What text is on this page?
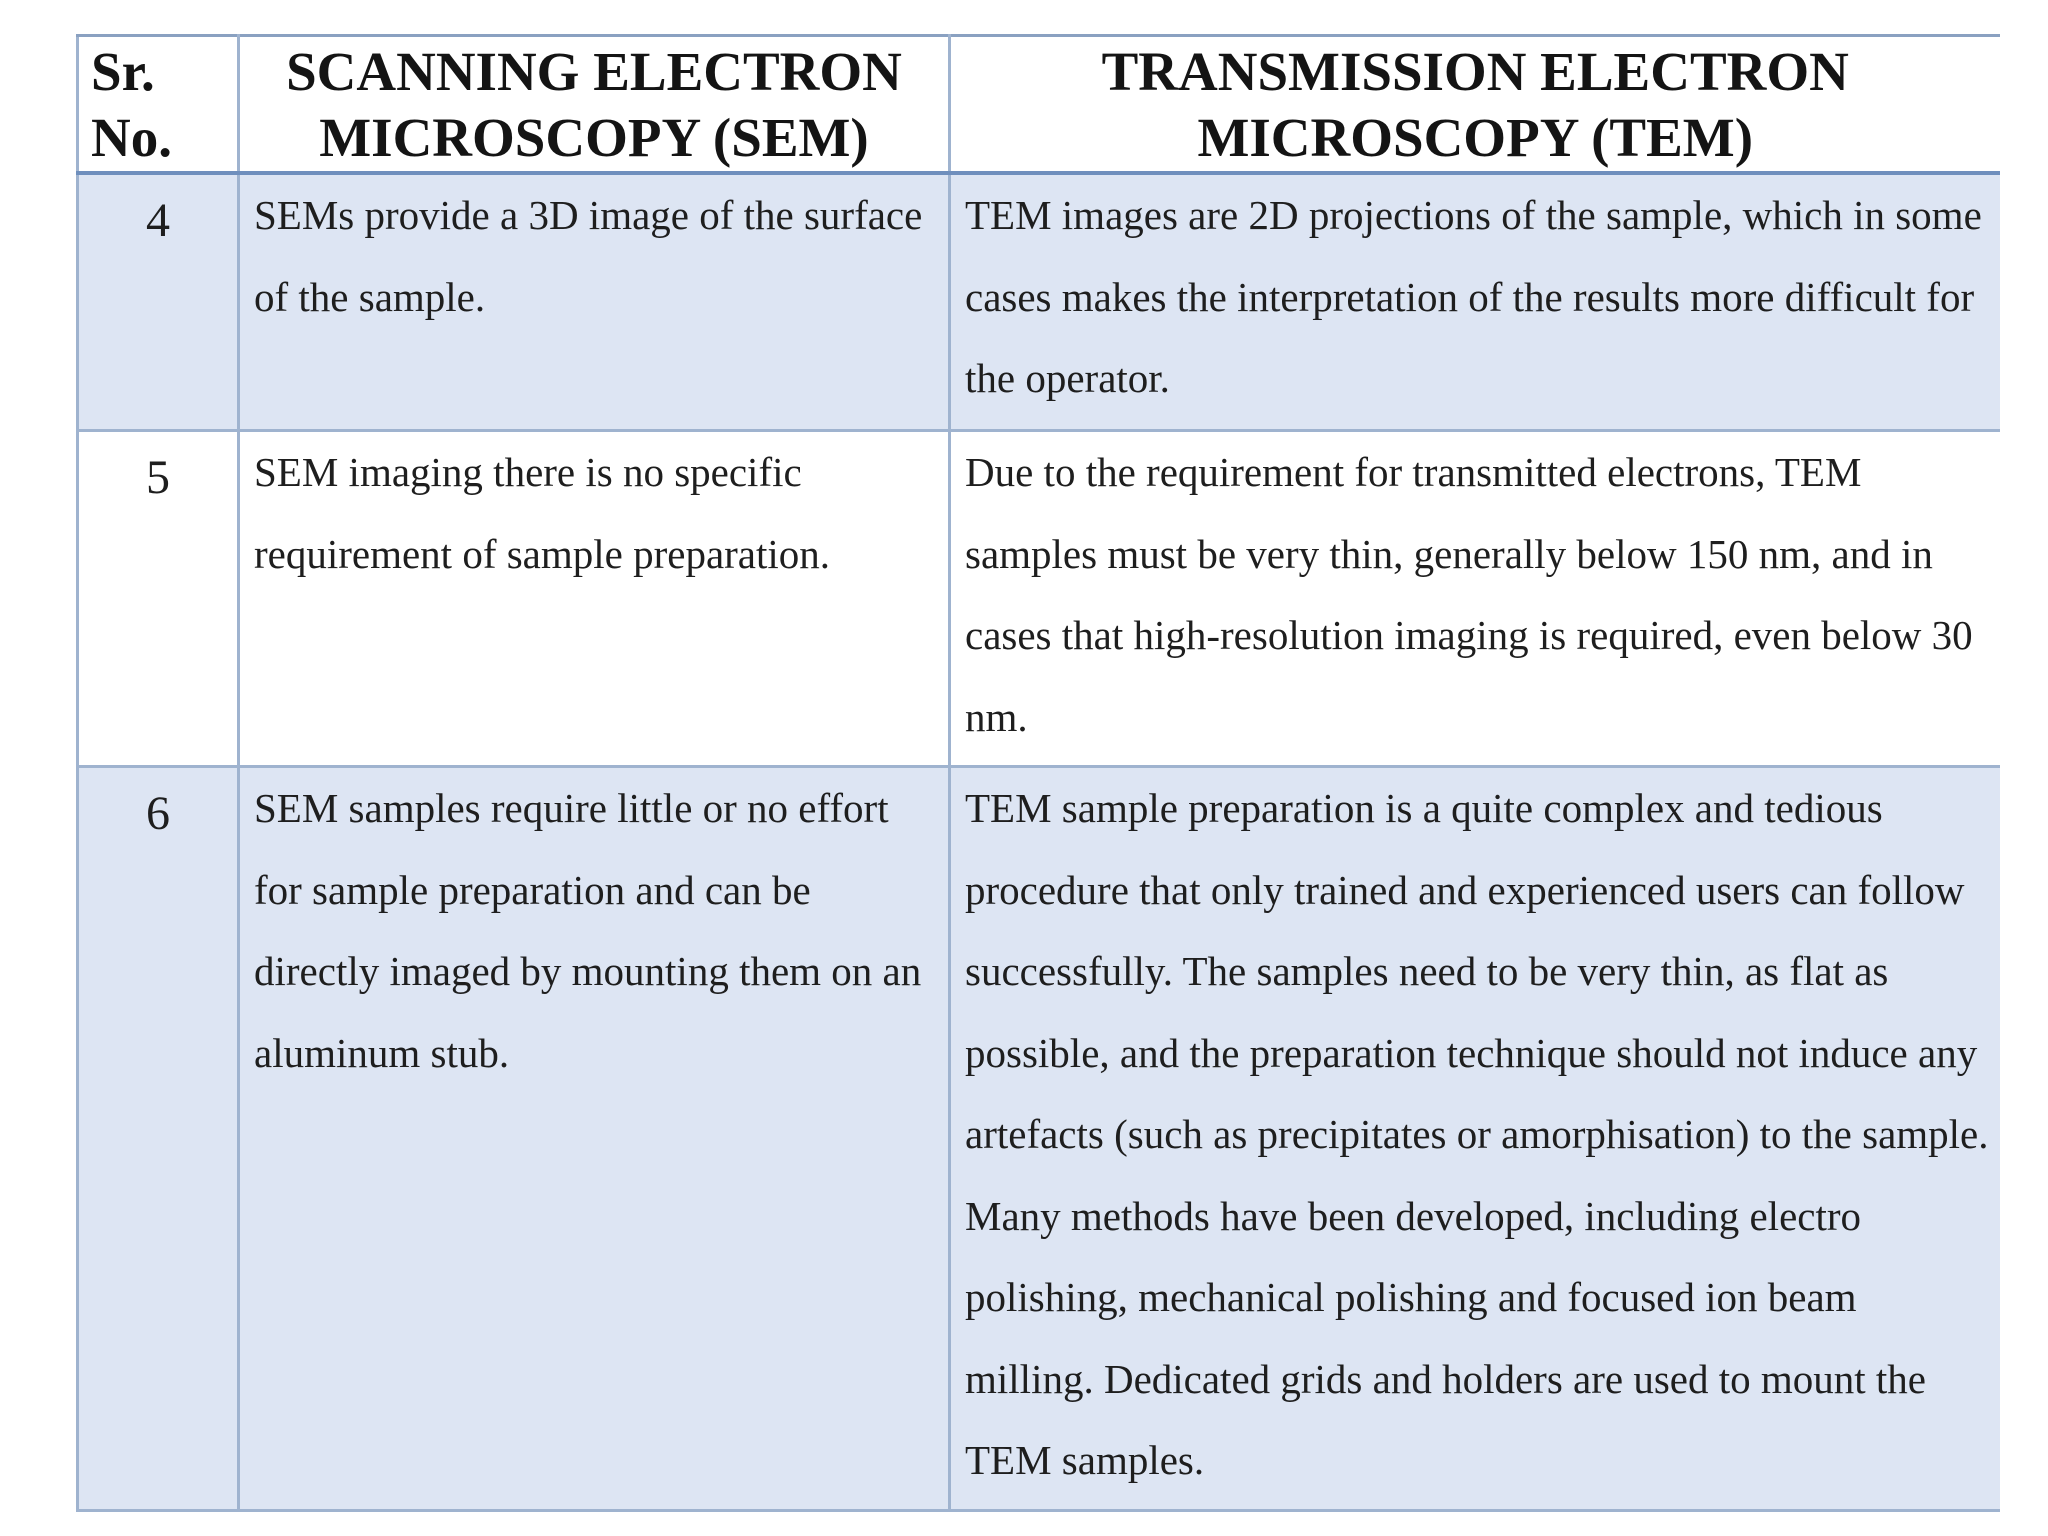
Sr. No.	SCANNING ELECTRON MICROSCOPY (SEM)	TRANSMISSION ELECTRON MICROSCOPY (TEM)
4	SEMs provide a 3D image of the surface of the sample.	TEM images are 2D projections of the sample, which in some cases makes the interpretation of the results more difficult for the operator.
5	SEM imaging there is no specific requirement of sample preparation.	Due to the requirement for transmitted electrons, TEM samples must be very thin, generally below 150 nm, and in cases that high-resolution imaging is required, even below 30 nm.
6	SEM samples require little or no effort for sample preparation and can be directly imaged by mounting them on an aluminum stub.	TEM sample preparation is a quite complex and tedious procedure that only trained and experienced users can follow successfully. The samples need to be very thin, as flat as possible, and the preparation technique should not induce any artefacts (such as precipitates or amorphisation) to the sample. Many methods have been developed, including electro polishing, mechanical polishing and focused ion beam milling. Dedicated grids and holders are used to mount the TEM samples.
